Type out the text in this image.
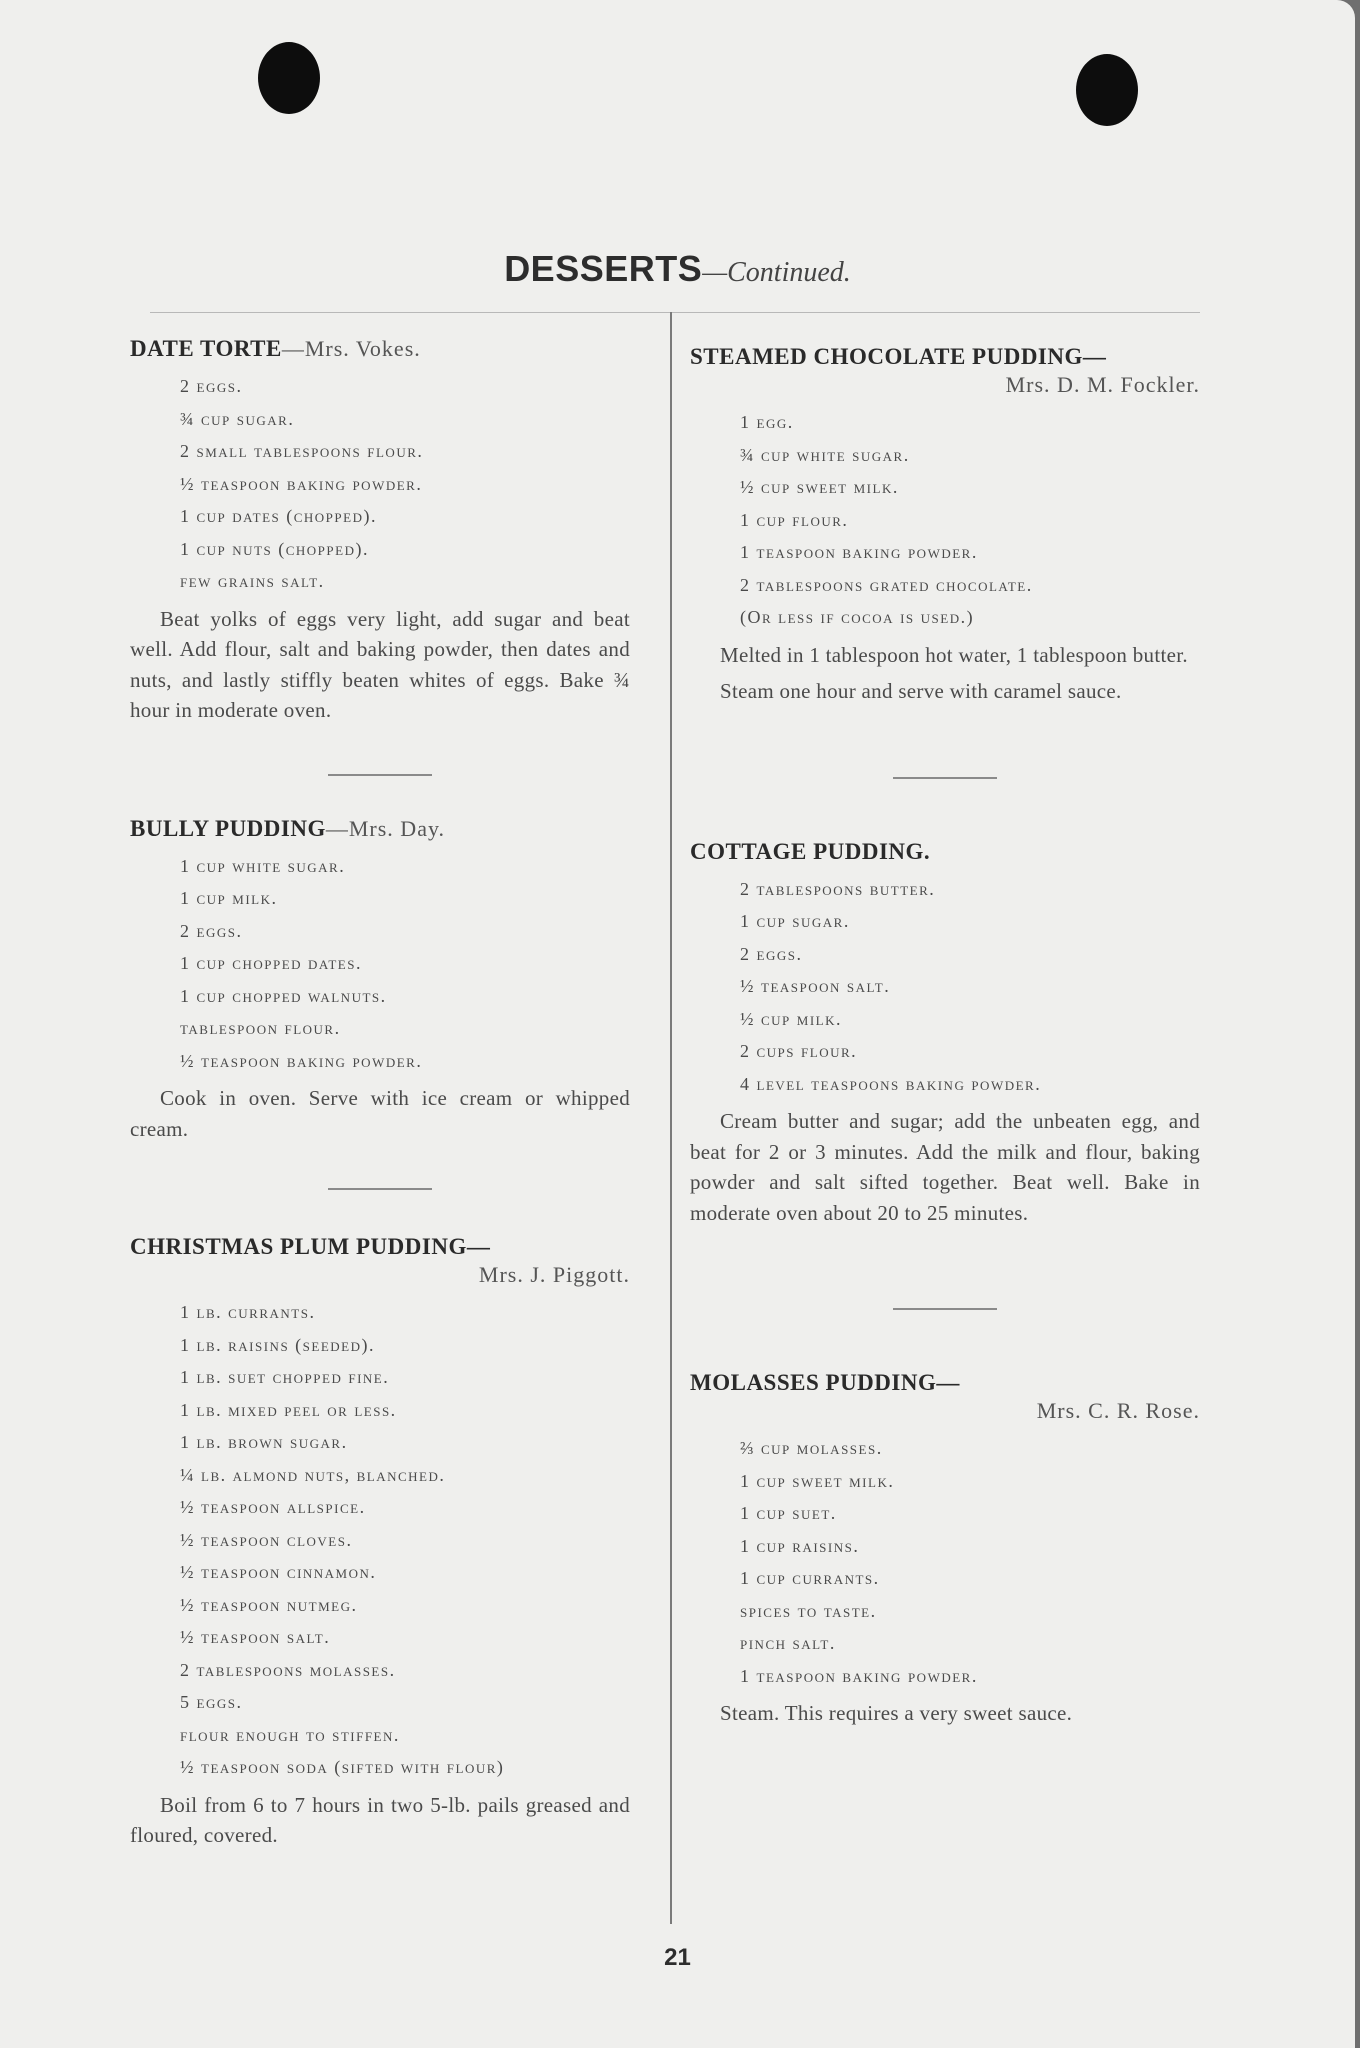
DESSERTS—Continued.
DATE TORTE—Mrs. Vokes.
2 eggs.
¾ cup sugar.
2 small tablespoons flour.
½ teaspoon baking powder.
1 cup dates (chopped).
1 cup nuts (chopped).
few grains salt.

Beat yolks of eggs very light, add sugar and beat well. Add flour, salt and baking powder, then dates and nuts, and lastly stiffly beaten whites of eggs. Bake ¾ hour in moderate oven.

BULLY PUDDING—Mrs. Day.
1 cup white sugar.
1 cup milk.
2 eggs.
1 cup chopped dates.
1 cup chopped walnuts.
tablespoon flour.
½ teaspoon baking powder.

Cook in oven. Serve with ice cream or whipped cream.

CHRISTMAS PLUM PUDDING—
Mrs. J. Piggott.
1 lb. currants.
1 lb. raisins (seeded).
1 lb. suet chopped fine.
1 lb. mixed peel or less.
1 lb. brown sugar.
¼ lb. almond nuts, blanched.
½ teaspoon allspice.
½ teaspoon cloves.
½ teaspoon cinnamon.
½ teaspoon nutmeg.
½ teaspoon salt.
2 tablespoons molasses.
5 eggs.
flour enough to stiffen.
½ teaspoon soda (sifted with flour)

Boil from 6 to 7 hours in two 5-lb. pails greased and floured, covered.

STEAMED CHOCOLATE PUDDING—
Mrs. D. M. Fockler.
1 egg.
¾ cup white sugar.
½ cup sweet milk.
1 cup flour.
1 teaspoon baking powder.
2 tablespoons grated chocolate.
(Or less if cocoa is used.)

Melted in 1 tablespoon hot water, 1 tablespoon butter.

Steam one hour and serve with caramel sauce.

COTTAGE PUDDING.
2 tablespoons butter.
1 cup sugar.
2 eggs.
½ teaspoon salt.
½ cup milk.
2 cups flour.
4 level teaspoons baking powder.

Cream butter and sugar; add the unbeaten egg, and beat for 2 or 3 minutes. Add the milk and flour, baking powder and salt sifted together. Beat well. Bake in moderate oven about 20 to 25 minutes.

MOLASSES PUDDING—
Mrs. C. R. Rose.
⅔ cup molasses.
1 cup sweet milk.
1 cup suet.
1 cup raisins.
1 cup currants.
spices to taste.
pinch salt.
1 teaspoon baking powder.

Steam. This requires a very sweet sauce.

21
